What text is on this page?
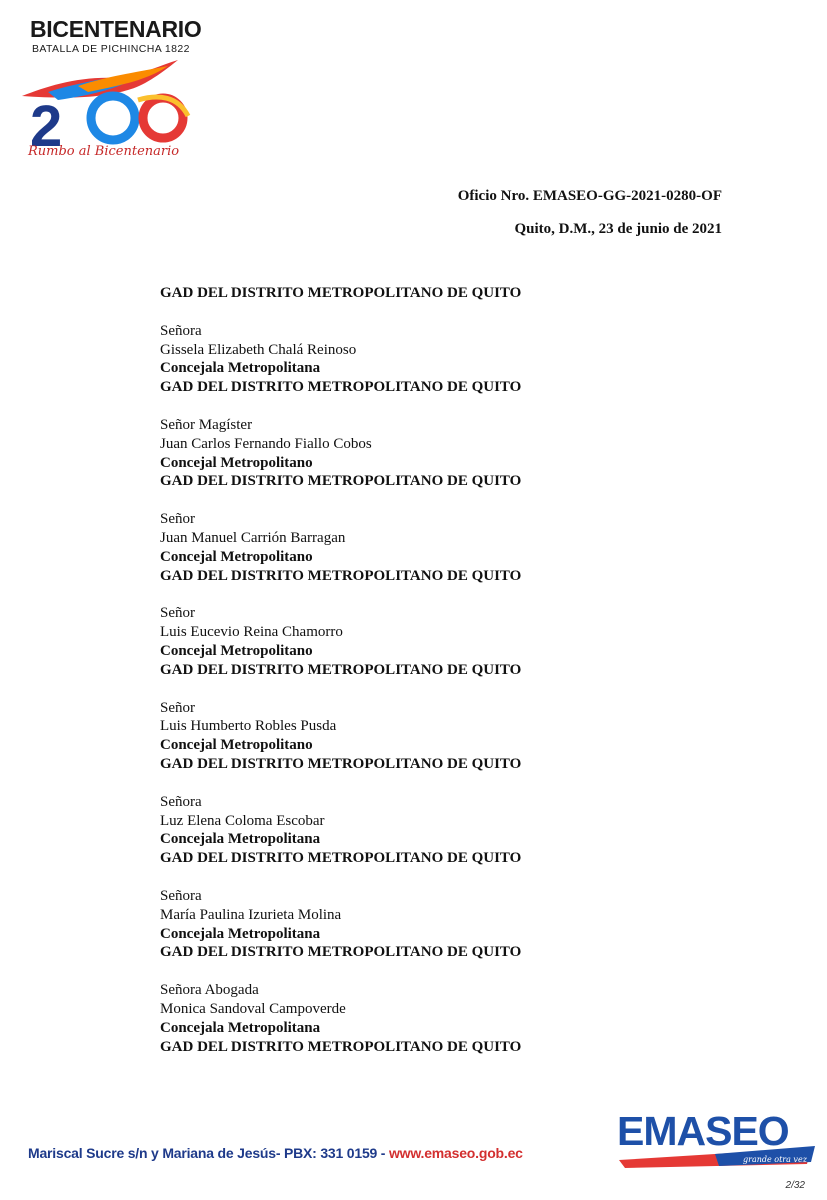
BICENTENARIO
BATALLA DE PICHINCHA 1822
2
Rumbo al Bicentenario
Oficio Nro. EMASEO-GG-2021-0280-OF
Quito, D.M., 23 de junio de 2021
GAD DEL DISTRITO METROPOLITANO DE QUITO
Señora
Gissela Elizabeth Chalá Reinoso
Concejala Metropolitana
GAD DEL DISTRITO METROPOLITANO DE QUITO
Señor Magíster
Juan Carlos Fernando Fiallo Cobos
Concejal Metropolitano
GAD DEL DISTRITO METROPOLITANO DE QUITO
Señor
Juan Manuel Carrión Barragan
Concejal Metropolitano
GAD DEL DISTRITO METROPOLITANO DE QUITO
Señor
Luis Eucevio Reina Chamorro
Concejal Metropolitano
GAD DEL DISTRITO METROPOLITANO DE QUITO
Señor
Luis Humberto Robles Pusda
Concejal Metropolitano
GAD DEL DISTRITO METROPOLITANO DE QUITO
Señora
Luz Elena Coloma Escobar
Concejala Metropolitana
GAD DEL DISTRITO METROPOLITANO DE QUITO
Señora
María Paulina Izurieta Molina
Concejala Metropolitana
GAD DEL DISTRITO METROPOLITANO DE QUITO
Señora Abogada
Monica Sandoval Campoverde
Concejala Metropolitana
GAD DEL DISTRITO METROPOLITANO DE QUITO
Mariscal Sucre s/n y Mariana de Jesús- PBX: 331 0159 - www.emaseo.gob.ec EMASEO
grande otra vez
2/32
